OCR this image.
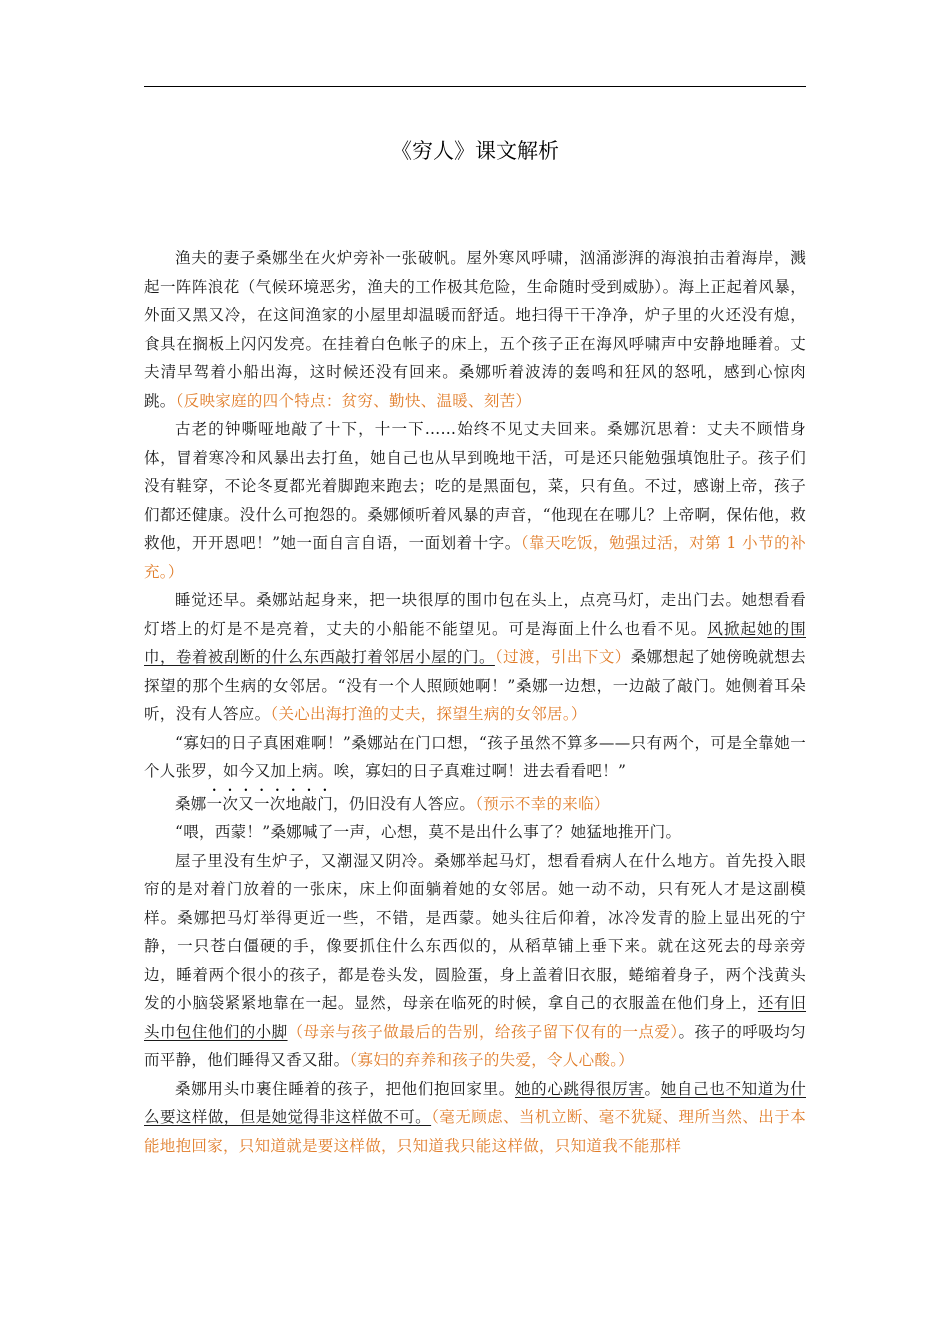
《穷人》课文解析

渔夫的妻子桑娜坐在火炉旁补一张破帆。屋外寒风呼啸，汹涌澎湃的海浪拍击着海岸，溅起一阵阵浪花（气候环境恶劣，渔夫的工作极其危险，生命随时受到威胁）。海上正起着风暴，外面又黑又冷，在这间渔家的小屋里却温暖而舒适。地扫得干干净净，炉子里的火还没有熄，食具在搁板上闪闪发亮。在挂着白色帐子的床上，五个孩子正在海风呼啸声中安静地睡着。丈夫清早驾着小船出海，这时候还没有回来。桑娜听着波涛的轰鸣和狂风的怒吼，感到心惊肉跳。（反映家庭的四个特点：贫穷、勤快、温暖、刻苦）

古老的钟嘶哑地敲了十下，十一下……始终不见丈夫回来。桑娜沉思着：丈夫不顾惜身体，冒着寒冷和风暴出去打鱼，她自己也从早到晚地干活，可是还只能勉强填饱肚子。孩子们没有鞋穿，不论冬夏都光着脚跑来跑去；吃的是黑面包，菜，只有鱼。不过，感谢上帝，孩子们都还健康。没什么可抱怨的。桑娜倾听着风暴的声音，“他现在在哪儿？上帝啊，保佑他，救救他，开开恩吧！”她一面自言自语，一面划着十字。（靠天吃饭，勉强过活，对第 1 小节的补充。）

睡觉还早。桑娜站起身来，把一块很厚的围巾包在头上，点亮马灯，走出门去。她想看看灯塔上的灯是不是亮着，丈夫的小船能不能望见。可是海面上什么也看不见。风掀起她的围巾，卷着被刮断的什么东西敲打着邻居小屋的门。（过渡，引出下文）桑娜想起了她傍晚就想去探望的那个生病的女邻居。“没有一个人照顾她啊！”桑娜一边想，一边敲了敲门。她侧着耳朵听，没有人答应。（关心出海打渔的丈夫，探望生病的女邻居。）

“寡妇的日子真困难啊！”桑娜站在门口想，“孩子虽然不算多——只有两个，可是全靠她一个人张罗，如今又加上病。唉，寡妇的日子真难过啊！进去看看吧！”

桑娜一次又一次地敲门，仍旧没有人答应。（预示不幸的来临）

“喂，西蒙！”桑娜喊了一声，心想，莫不是出什么事了？她猛地推开门。

屋子里没有生炉子，又潮湿又阴冷。桑娜举起马灯，想看看病人在什么地方。首先投入眼帘的是对着门放着的一张床，床上仰面躺着她的女邻居。她一动不动，只有死人才是这副模样。桑娜把马灯举得更近一些，不错，是西蒙。她头往后仰着，冰冷发青的脸上显出死的宁静，一只苍白僵硬的手，像要抓住什么东西似的，从稻草铺上垂下来。就在这死去的母亲旁边，睡着两个很小的孩子，都是卷头发，圆脸蛋，身上盖着旧衣服，蜷缩着身子，两个浅黄头发的小脑袋紧紧地靠在一起。显然，母亲在临死的时候，拿自己的衣服盖在他们身上，还有旧头巾包住他们的小脚（母亲与孩子做最后的告别，给孩子留下仅有的一点爱）。孩子的呼吸均匀而平静，他们睡得又香又甜。（寡妇的弃养和孩子的失爱，令人心酸。）

桑娜用头巾裹住睡着的孩子，把他们抱回家里。她的心跳得很厉害。她自己也不知道为什么要这样做，但是她觉得非这样做不可。（毫无顾虑、当机立断、毫不犹疑、理所当然、出于本能地抱回家，只知道就是要这样做，只知道我只能这样做，只知道我不能那样
